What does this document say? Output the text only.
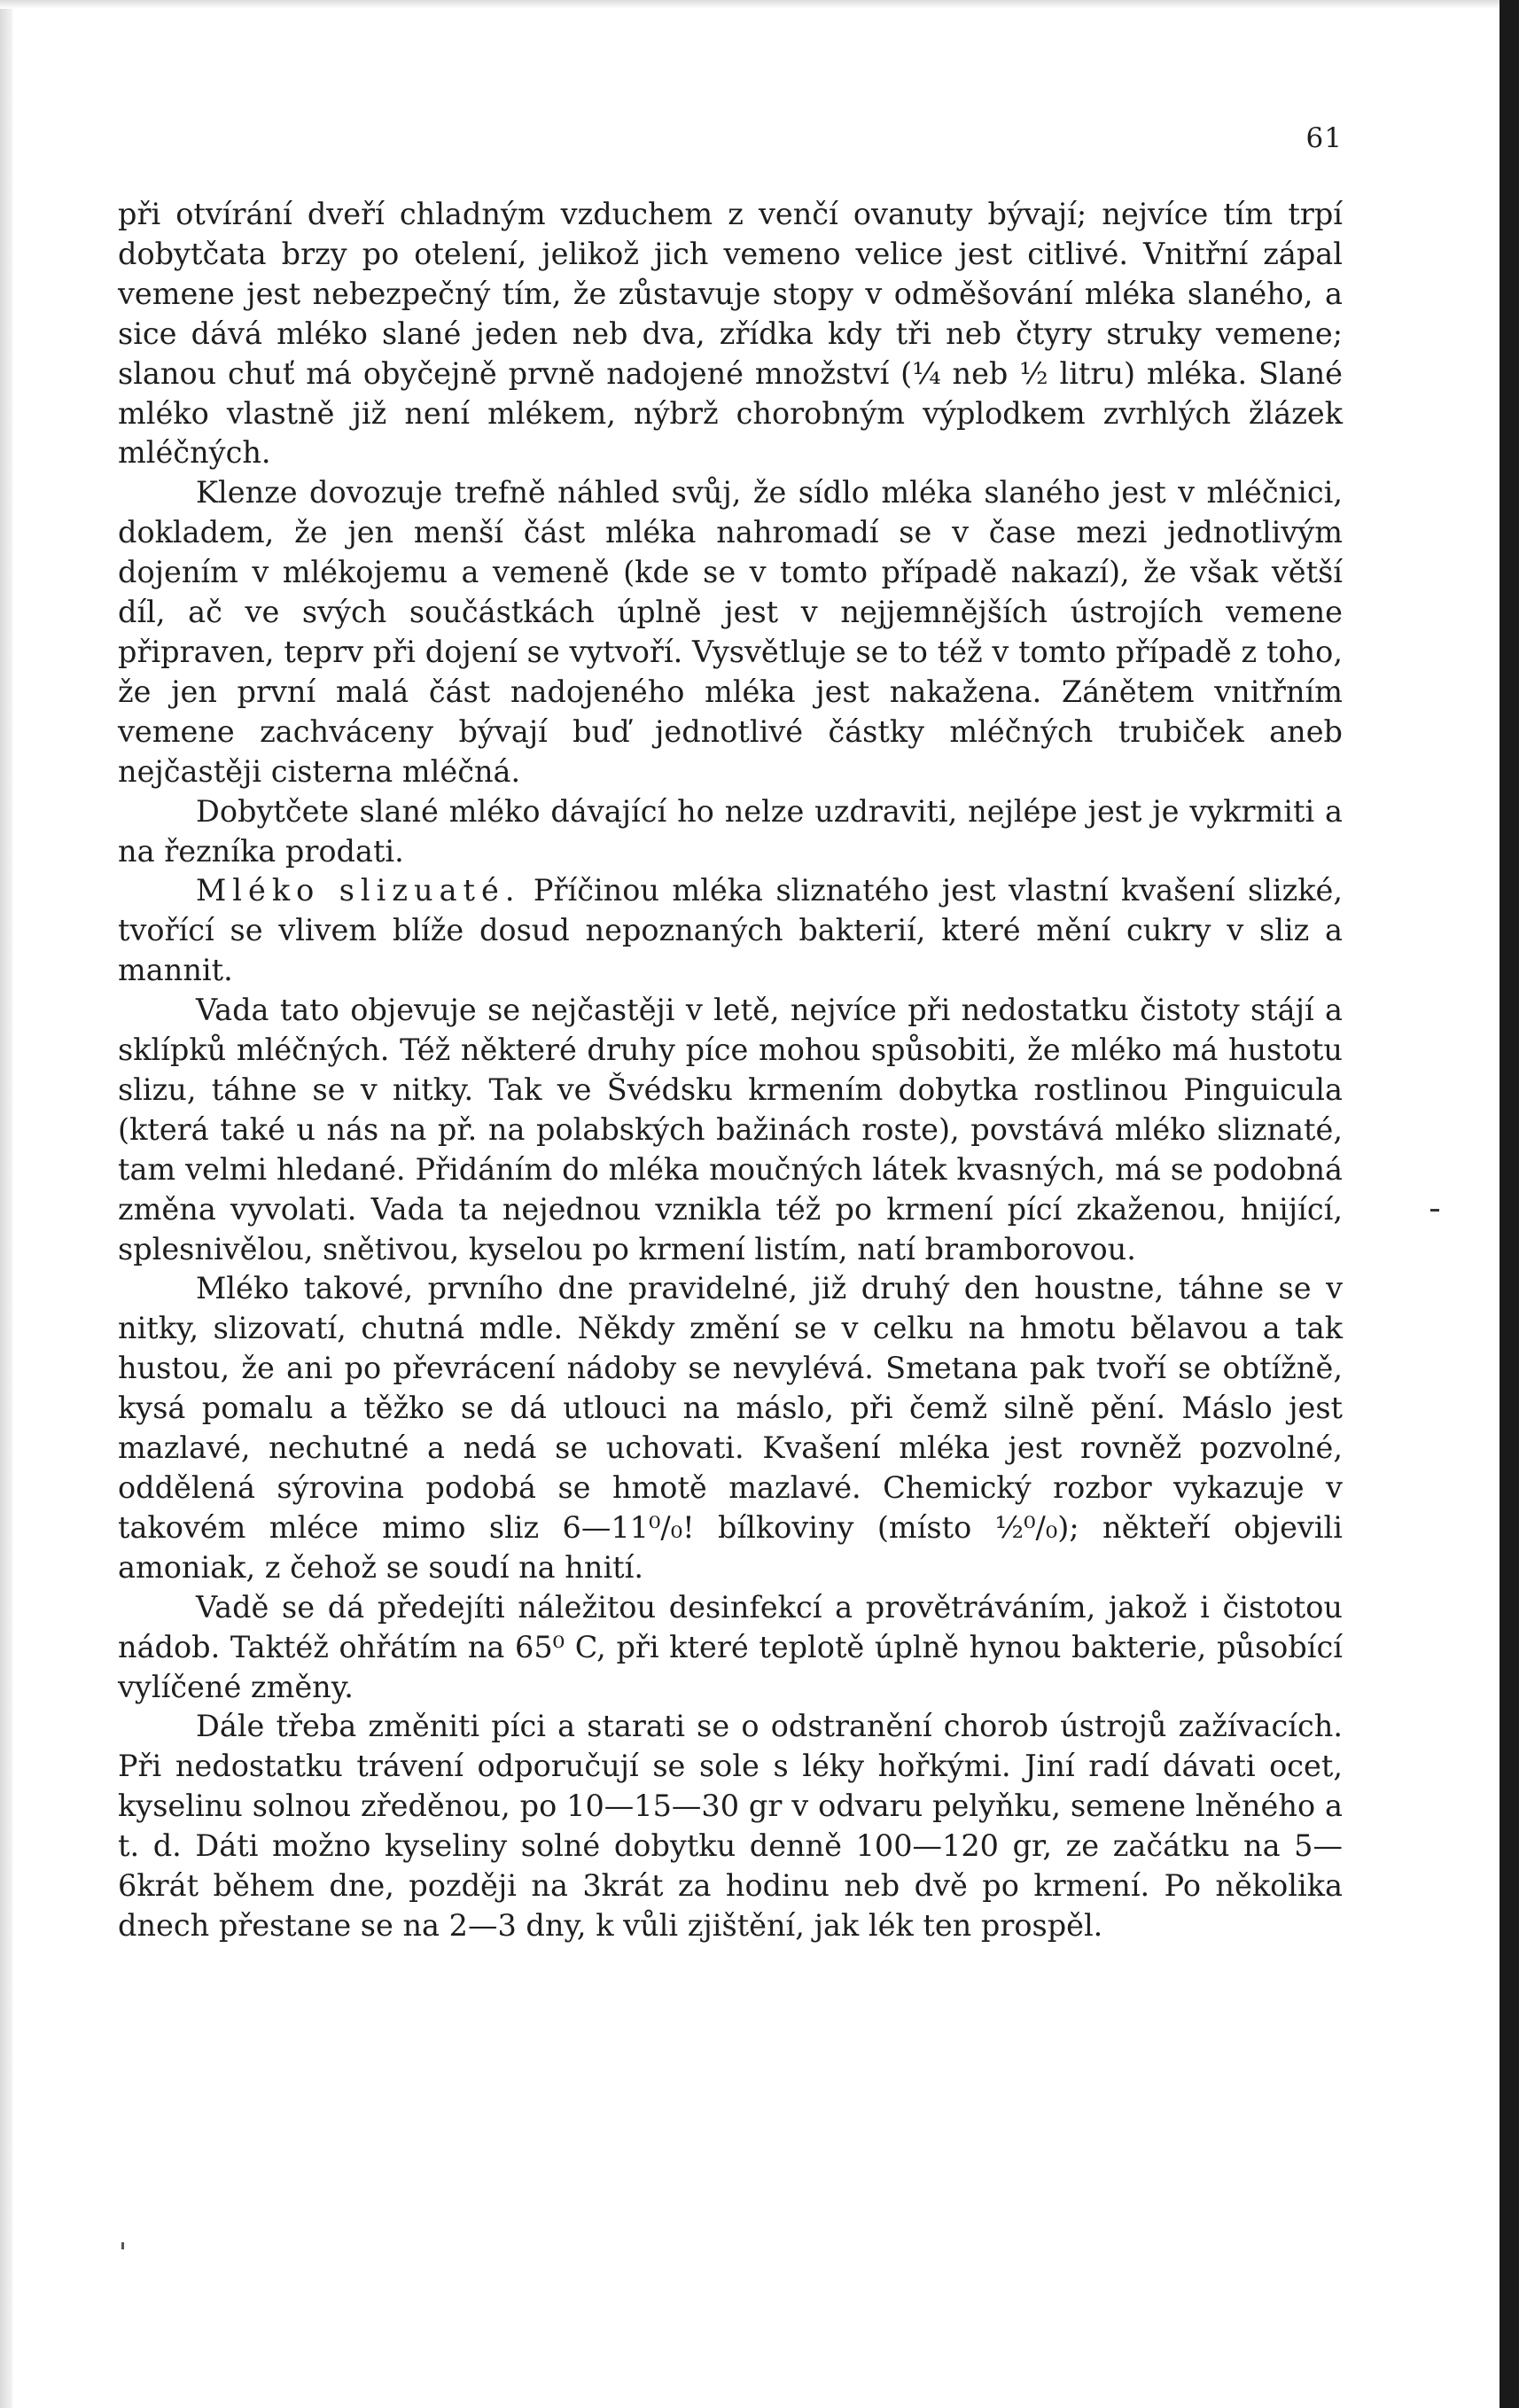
61

při otvírání dveří chladným vzduchem z venčí ovanuty bývají; nejvíce tím trpí dobytčata brzy po otelení, jelikož jich vemeno velice jest citlivé. Vnitřní zápal vemene jest nebezpečný tím, že zůstavuje stopy v odměšování mléka slaného, a sice dává mléko slané jeden neb dva, zřídka kdy tři neb čtyry struky vemene; slanou chuť má obyčejně prvně nadojené množství (¼ neb ½ litru) mléka. Slané mléko vlastně již není mlékem, nýbrž chorobným výplodkem zvrhlých žlázek mléčných.

Klenze dovozuje trefně náhled svůj, že sídlo mléka slaného jest v mléčnici, dokladem, že jen menší část mléka nahromadí se v čase mezi jednotlivým dojením v mlékojemu a vemeně (kde se v tomto případě nakazí), že však větší díl, ač ve svých součástkách úplně jest v nejjemnějších ústrojích vemene připraven, teprv při dojení se vytvoří. Vysvětluje se to též v tomto případě z toho, že jen první malá část nadojeného mléka jest nakažena. Zánětem vnitřním vemene zachváceny bývají buď jednotlivé částky mléčných trubiček aneb nejčastěji cisterna mléčná.

Dobytčete slané mléko dávající ho nelze uzdraviti, nejlépe jest je vykrmiti a na řezníka prodati.

Mléko slizuaté. Příčinou mléka sliznatého jest vlastní kvašení slizké, tvořící se vlivem blíže dosud nepoznaných bakterií, které mění cukry v sliz a mannit.

Vada tato objevuje se nejčastěji v letě, nejvíce při nedostatku čistoty stájí a sklípků mléčných. Též některé druhy píce mohou spůsobiti, že mléko má hustotu slizu, táhne se v nitky. Tak ve Švédsku krmením dobytka rostlinou Pinguicula (která také u nás na př. na polabských bažinách roste), povstává mléko sliznaté, tam velmi hledané. Přidáním do mléka moučných látek kvasných, má se podobná změna vyvolati. Vada ta nejednou vznikla též po krmení pící zkaženou, hnijící, splesnivělou, snětivou, kyselou po krmení listím, natí bramborovou.

Mléko takové, prvního dne pravidelné, již druhý den houstne, táhne se v nitky, slizovatí, chutná mdle. Někdy změní se v celku na hmotu bělavou a tak hustou, že ani po převrácení nádoby se nevylévá. Smetana pak tvoří se obtížně, kysá pomalu a těžko se dá utlouci na máslo, při čemž silně pění. Máslo jest mazlavé, nechutné a nedá se uchovati. Kvašení mléka jest rovněž pozvolné, oddělená sýrovina podobá se hmotě mazlavé. Chemický rozbor vykazuje v takovém mléce mimo sliz 6—11⁰/₀! bílkoviny (místo ½⁰/₀); někteří objevili amoniak, z čehož se soudí na hnití.

Vadě se dá předejíti náležitou desinfekcí a provětráváním, jakož i čistotou nádob. Taktéž ohřátím na 65⁰ C, při které teplotě úplně hynou bakterie, působící vylíčené změny.

Dále třeba změniti píci a starati se o odstranění chorob ústrojů zažívacích. Při nedostatku trávení odporučují se sole s léky hořkými. Jiní radí dávati ocet, kyselinu solnou zředěnou, po 10—15—30 gr v odvaru pelyňku, semene lněného a t. d. Dáti možno kyseliny solné dobytku denně 100—120 gr, ze začátku na 5—6krát během dne, později na 3krát za hodinu neb dvě po krmení. Po několika dnech přestane se na 2—3 dny, k vůli zjištění, jak lék ten prospěl.
